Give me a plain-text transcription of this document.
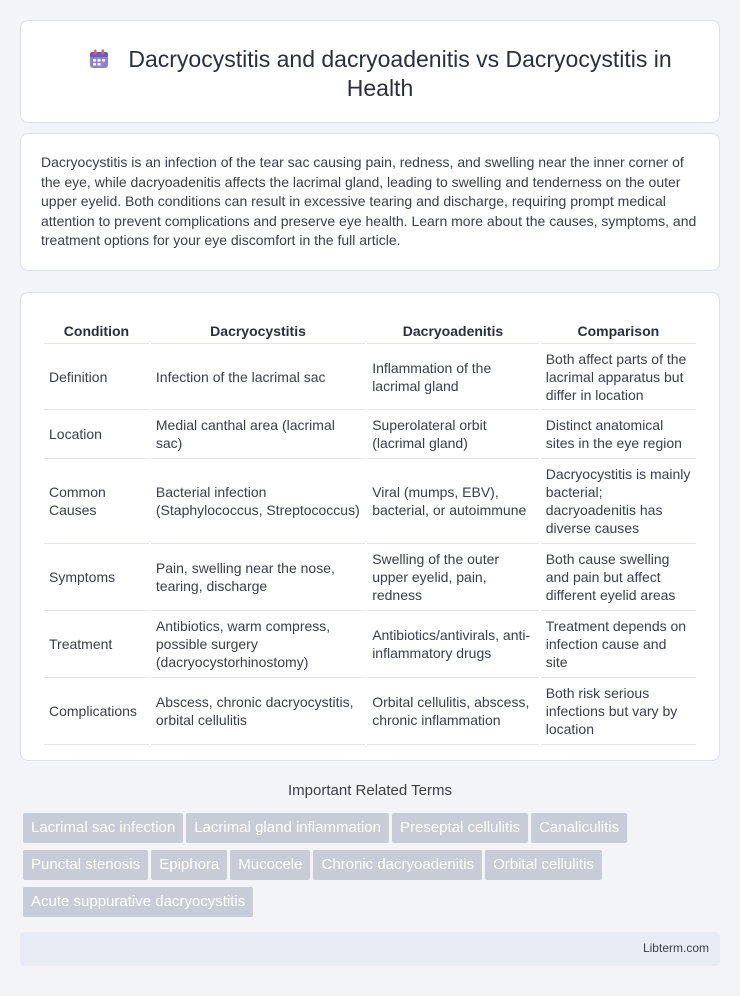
Dacryocystitis and dacryoadenitis vs Dacryocystitis in Health

Dacryocystitis is an infection of the tear sac causing pain, redness, and swelling near the inner corner of the eye, while dacryoadenitis affects the lacrimal gland, leading to swelling and tenderness on the outer upper eyelid. Both conditions can result in excessive tearing and discharge, requiring prompt medical attention to prevent complications and preserve eye health. Learn more about the causes, symptoms, and treatment options for your eye discomfort in the full article.

Condition	Dacryocystitis	Dacryoadenitis	Comparison
Definition	Infection of the lacrimal sac	Inflammation of the lacrimal gland	Both affect parts of the lacrimal apparatus but differ in location
Location	Medial canthal area (lacrimal sac)	Superolateral orbit (lacrimal gland)	Distinct anatomical sites in the eye region
Common Causes	Bacterial infection (Staphylococcus, Streptococcus)	Viral (mumps, EBV), bacterial, or autoimmune	Dacryocystitis is mainly bacterial; dacryoadenitis has diverse causes
Symptoms	Pain, swelling near the nose, tearing, discharge	Swelling of the outer upper eyelid, pain, redness	Both cause swelling and pain but affect different eyelid areas
Treatment	Antibiotics, warm compress, possible surgery (dacryocystorhinostomy)	Antibiotics/antivirals, anti-inflammatory drugs	Treatment depends on infection cause and site
Complications	Abscess, chronic dacryocystitis, orbital cellulitis	Orbital cellulitis, abscess, chronic inflammation	Both risk serious infections but vary by location
Important Related Terms
Lacrimal sac infection Lacrimal gland inflammation Preseptal cellulitis CanaliculitisPunctal stenosis Epiphora Mucocele Chronic dacryoadenitis Orbital cellulitisAcute suppurative dacryocystitis
Libterm.com
